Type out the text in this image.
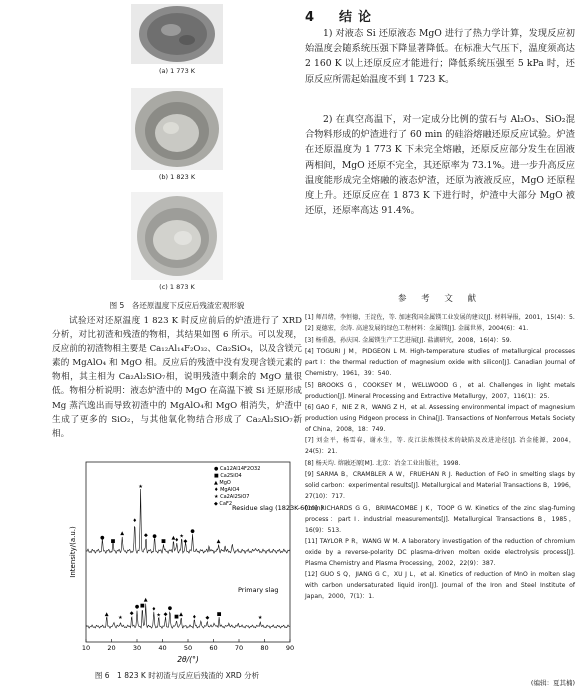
(a) 1 773 K
(b) 1 823 K
(c) 1 873 K
图 5　各还原温度下反应后残渣宏观形貌

试验还对还原温度 1 823 K 时反应前后的炉渣进行了 XRD 分析，对比初渣和残渣的物相，其结果如图 6 所示。可以发现，反应前的初渣物相主要是 Ca₁₂Al₁₄F₂O₃₂、Ca₂SiO₄，以及含镁元素的 MgAlO₄ 和 MgO 相。反应后的残渣中没有发现含镁元素的物相，其主相为 Ca₂Al₂SiO₇相，说明残渣中剩余的 MgO 量很低。物相分析说明：液态炉渣中的 MgO 在高温下被 Si 还原形成 Mg 蒸汽逸出而导致初渣中的 MgAlO₄和 MgO 相消失，炉渣中生成了更多的 SiO₂，与其他氧化物结合形成了 Ca₂Al₂SiO₇新相。

● Ca12Al14F2O32
■ Ca2SiO4
▲ MgO
♦ MgAlO4
★ Ca2Al2SiO7
◆ CaF2
●
■
▲
♦
★
◆ ●
■
▲ ♦
★
◆
●
▲
▲
★
◆
● ■
▲
♦
★ ◆
●
■ ▲ ♦ ◆
■
★
10	20	30	40	50	60	70	80	90
Intensity/(a.u.)
2θ/(°)
Residue slag (1823K-60min)
Primary slag
图 6　1 823 K 时初渣与反应后残渣的 XRD 分析
4　结论

1) 对液态 Si 还原液态 MgO 进行了热力学计算，发现反应初始温度会随系统压强下降显著降低。在标准大气压下，温度须高达 2 160 K 以上还原反应才能进行；降低系统压强至 5 kPa 时，还原反应所需起始温度不到 1 723 K。

2) 在真空高温下，对一定成分比例的萤石与 Al₂O₃、SiO₂混合物料形成的炉渣进行了 60 min 的硅浴熔融还原反应试验。炉渣在还原温度为 1 773 K 下未完全熔融，还原反应部分发生在固液两相间，MgO 还原不完全，其还原率为 73.1%。进一步升高反应温度能形成完全熔融的液态炉渣，还原为液液反应，MgO 还原程度上升。还原反应在 1 873 K 下进行时，炉渣中大部分 MgO 被还原，还原率高达 91.4%。

参 考 文 献

[1] 师昌绪，李恒德，王淀佐，等. 加速我国金属镁工业发展的建议[J]. 材料导报，2001，15(4)：5.

[2] 夏德宏，余涛. 高速发展的绿色工程材料：金属镁[J]. 金属世界，2004(6)：41.

[3] 杨重愚，孙庆国. 金属镁生产工艺进展[J]. 盐湖研究，2008，16(4)：59.

[4] TOGURI J M，PIDGEON L M. High-temperature studies of metallurgical processes part Ⅰ：the thermal reduction of magnesium oxide with silicon[J]. Canadian Journal of Chemistry，1961，39：540.

[5] BROOKS G，COOKSEY M，WELLWOOD G，et al. Challenges in light metals production[J]. Mineral Processing and Extractive Metallurgy，2007，116(1)：25.

[6] GAO F，NIE Z R，WANG Z H，et al. Assessing environmental impact of magnesium production using Pidgeon process in China[J]. Transactions of Nonferrous Metals Society of China，2008，18：749.

[7] 刘金平，杨雪春，谢永生，等. 皮江法炼镁技术的缺陷及改进途径[J]. 冶金能源，2004，24(5)：21.

[8] 杨天均. 熔融还原[M]. 北京：冶金工业出版社，1998.

[9] SARMA B，CRAMBLER A W，FRUEHAN R J. Reduction of FeO in smelting slags by solid carbon：experimental results[J]. Metallurgical and Material Transactions B，1996，27(10)：717.

[10] RICHARDS G G，BRIMACOMBE J K，TOOP G W. Kinetics of the zinc slag-fuming process：part Ⅰ. industrial measurements[J]. Metallurgical Transactions B，1985，16(9)：513.

[11] TAYLOR P R，WANG W M. A laboratory investigation of the reduction of chromium oxide by a reverse-polarity DC plasma-driven molten oxide electrolysis process[J]. Plasma Chemistry and Plasma Processing，2002，22(9)：387.

[12] GUO S Q，JIANG G C，XU J L，et al. Kinetics of reduction of MnO in molten slag with carbon undersaturated liquid iron[J]. Journal of the Iron and Steel Institute of Japan，2000，7(1)：1.

(编辑：夏其楠)
